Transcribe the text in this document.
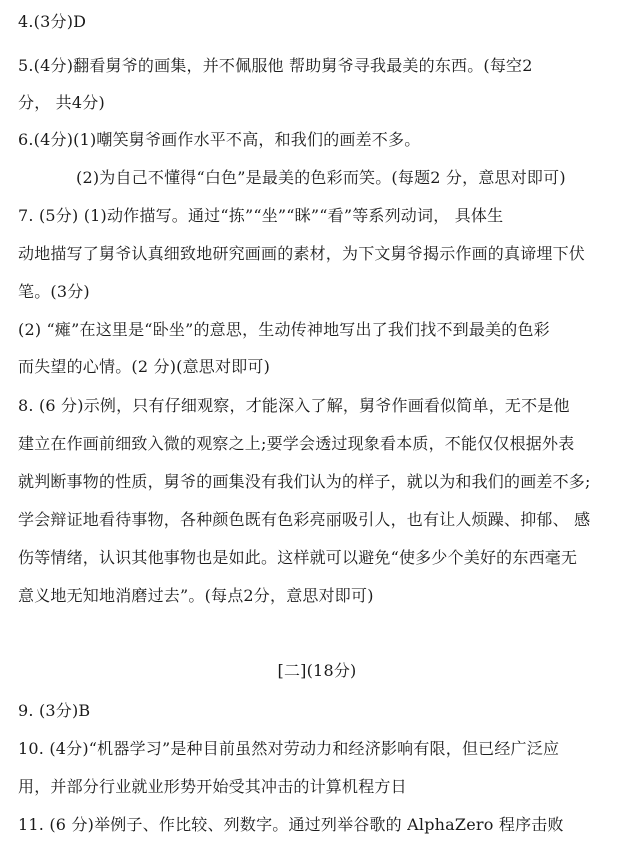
4.(3分)D
5.(4分)翻看舅爷的画集，并不佩服他 帮助舅爷寻我最美的东西。(每空2
分， 共4分)
6.(4分)(1)嘲笑舅爷画作水平不高，和我们的画差不多。
(2)为自己不懂得“白色”是最美的色彩而笑。(每题2 分，意思对即可)
7. (5分) (1)动作描写。通过“拣”“坐”“眯”“看”等系列动词， 具体生
动地描写了舅爷认真细致地研究画画的素材，为下文舅爷揭示作画的真谛埋下伏
笔。(3分)
(2) “瘫”在这里是“卧坐”的意思，生动传神地写出了我们找不到最美的色彩
而失望的心情。(2 分)(意思对即可)
8. (6 分)示例，只有仔细观察，才能深入了解，舅爷作画看似简单，无不是他
建立在作画前细致入微的观察之上;要学会透过现象看本质，不能仅仅根据外表
就判断事物的性质，舅爷的画集没有我们认为的样子，就以为和我们的画差不多;
学会辩证地看待事物，各种颜色既有色彩亮丽吸引人，也有让人烦躁、抑郁、 感
伤等情绪，认识其他事物也是如此。这样就可以避免“使多少个美好的东西毫无
意义地无知地消磨过去”。(每点2分，意思对即可)
[二](18分)
9. (3分)B
10. (4分)“机器学习”是种目前虽然对劳动力和经济影响有限，但已经广泛应
用，并部分行业就业形势开始受其冲击的计算机程方日
11. (6 分)举例子、作比较、列数字。通过列举谷歌的 AlphaZero 程序击败
